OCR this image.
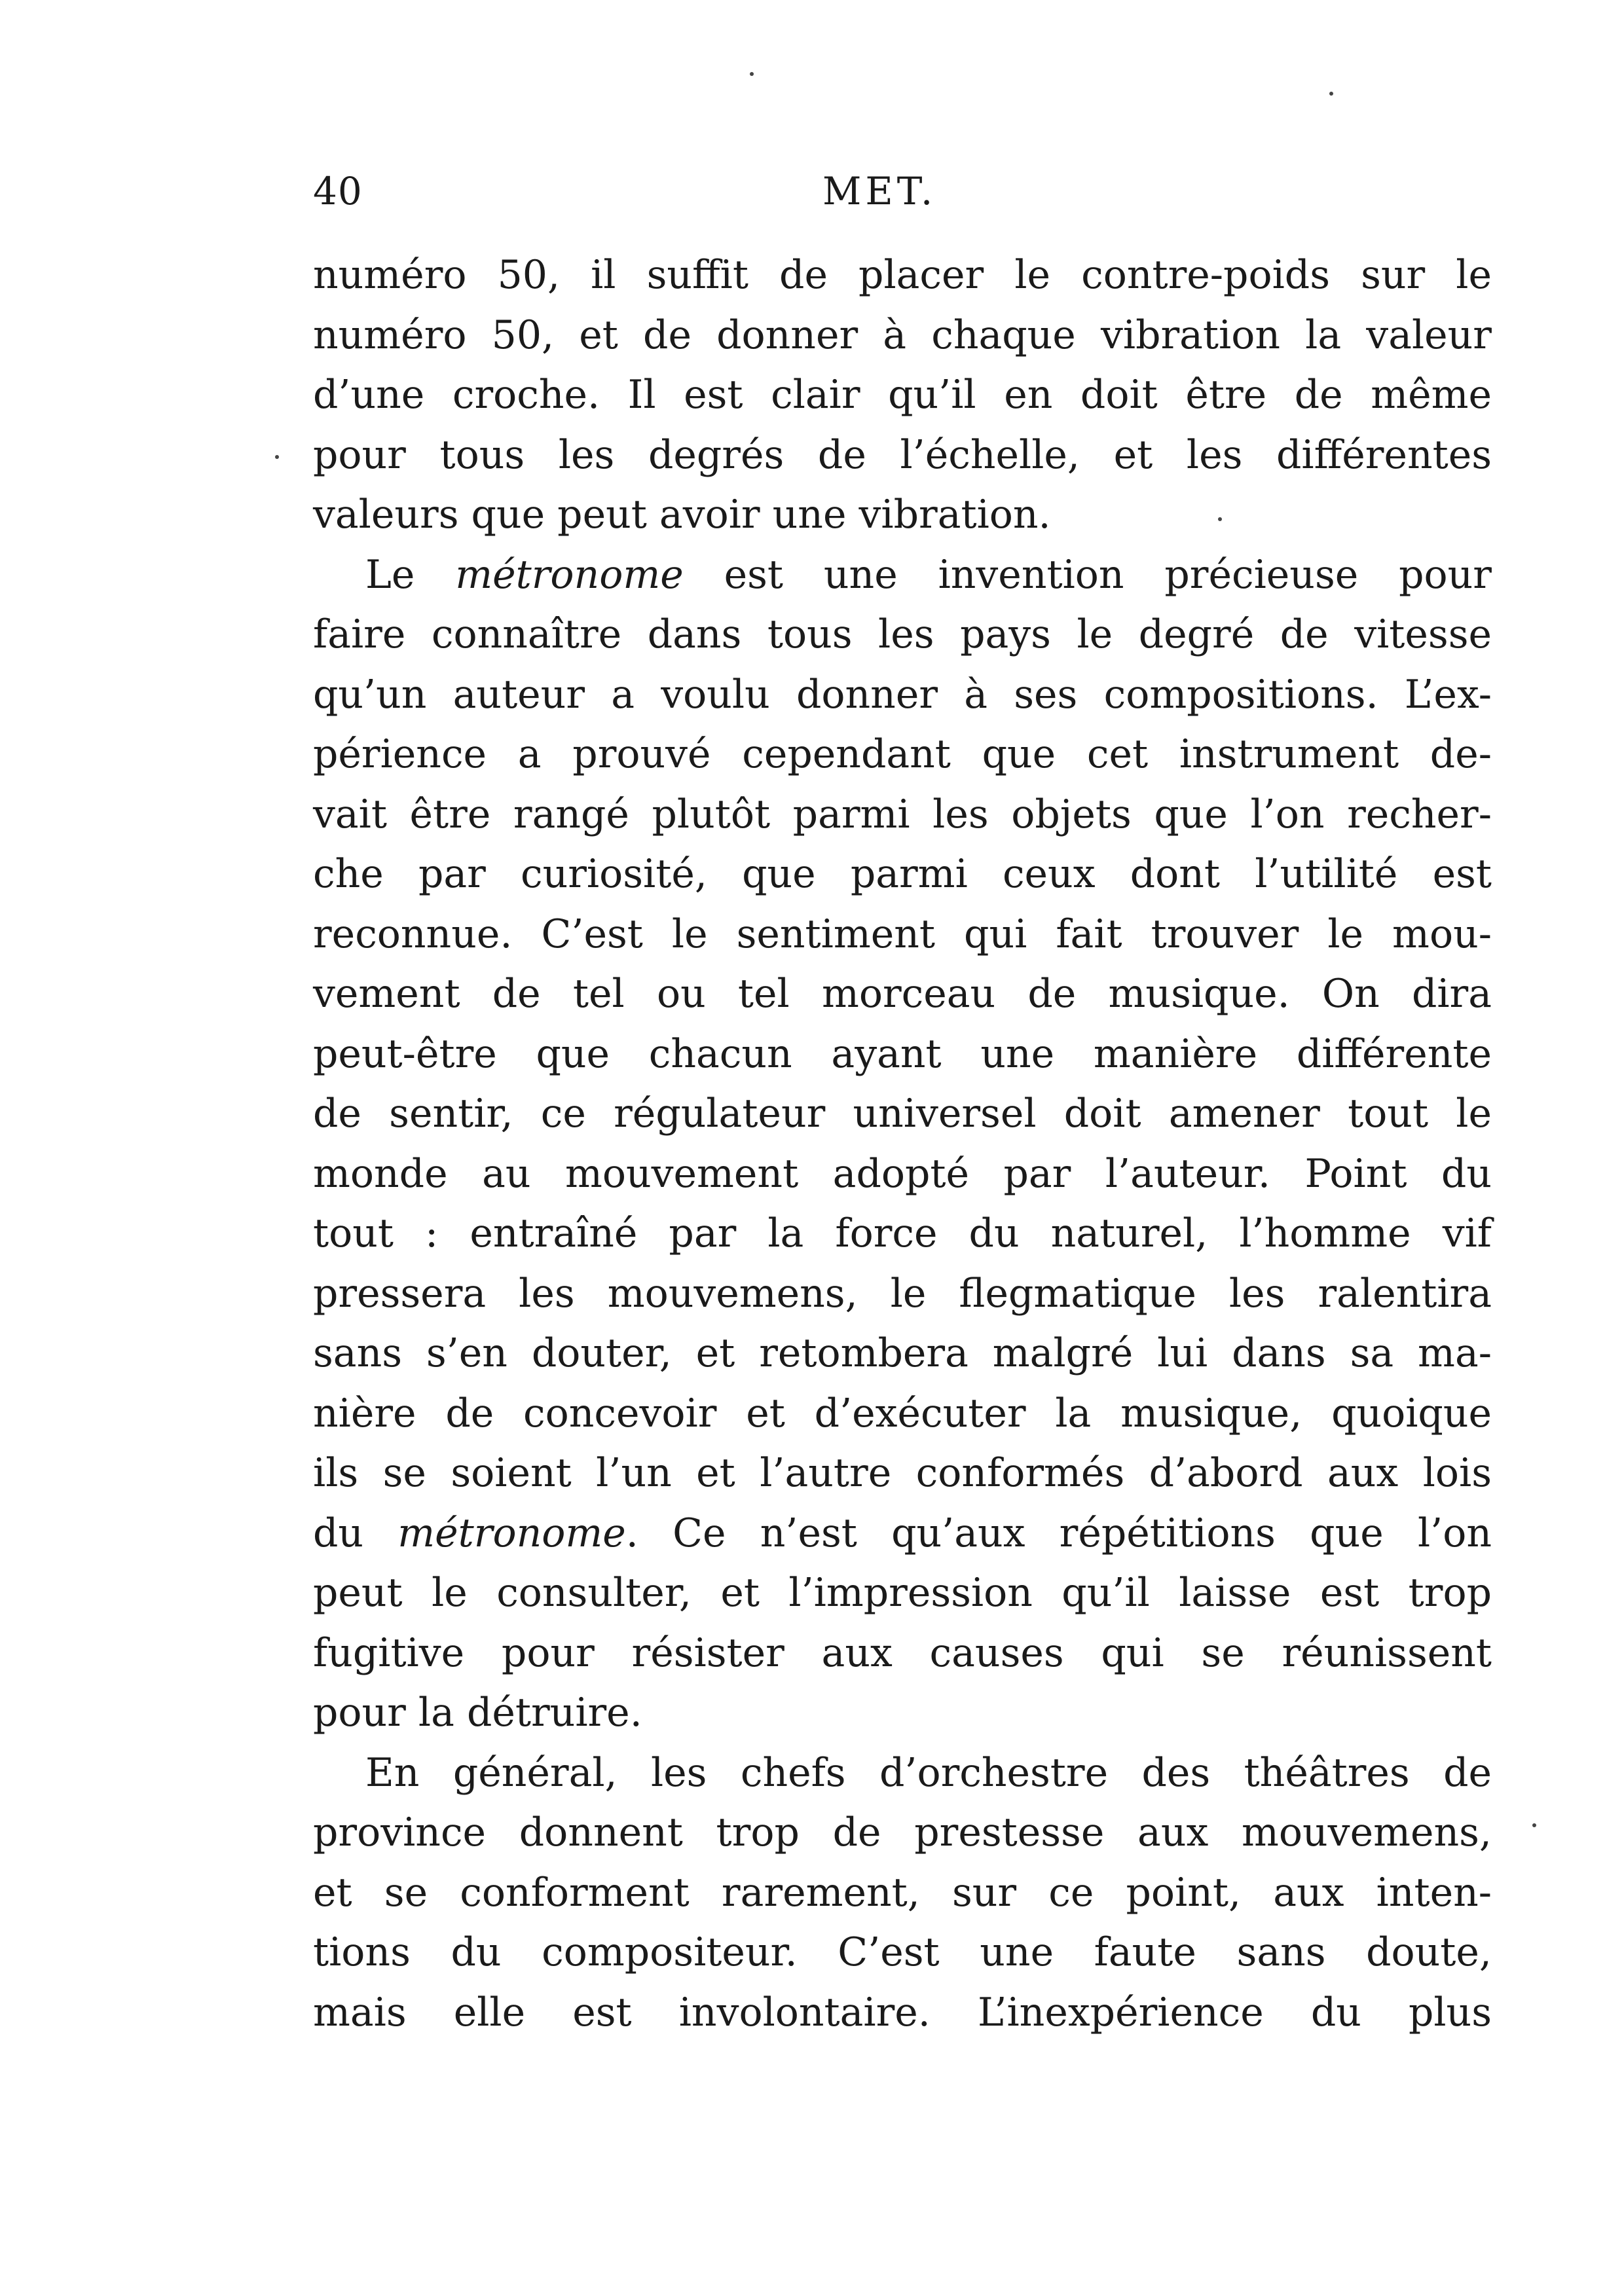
40	MET.
numéro 50, il suffit de placer le contre-poids sur le
numéro 50, et de donner à chaque vibration la valeur
d’une croche. Il est clair qu’il en doit être de même
pour tous les degrés de l’échelle, et les différentes
valeurs que peut avoir une vibration.
Le métronome est une invention précieuse pour
faire connaître dans tous les pays le degré de vitesse
qu’un auteur a voulu donner à ses compositions. L’ex-
périence a prouvé cependant que cet instrument de-
vait être rangé plutôt parmi les objets que l’on recher-
che par curiosité, que parmi ceux dont l’utilité est
reconnue. C’est le sentiment qui fait trouver le mou-
vement de tel ou tel morceau de musique. On dira
peut-être que chacun ayant une manière différente
de sentir, ce régulateur universel doit amener tout le
monde au mouvement adopté par l’auteur. Point du
tout : entraîné par la force du naturel, l’homme vif
pressera les mouvemens, le flegmatique les ralentira
sans s’en douter, et retombera malgré lui dans sa ma-
nière de concevoir et d’exécuter la musique, quoique
ils se soient l’un et l’autre conformés d’abord aux lois
du métronome. Ce n’est qu’aux répétitions que l’on
peut le consulter, et l’impression qu’il laisse est trop
fugitive pour résister aux causes qui se réunissent
pour la détruire.
En général, les chefs d’orchestre des théâtres de
province donnent trop de prestesse aux mouvemens,
et se conforment rarement, sur ce point, aux inten-
tions du compositeur. C’est une faute sans doute,
mais elle est involontaire. L’inexpérience du plus
